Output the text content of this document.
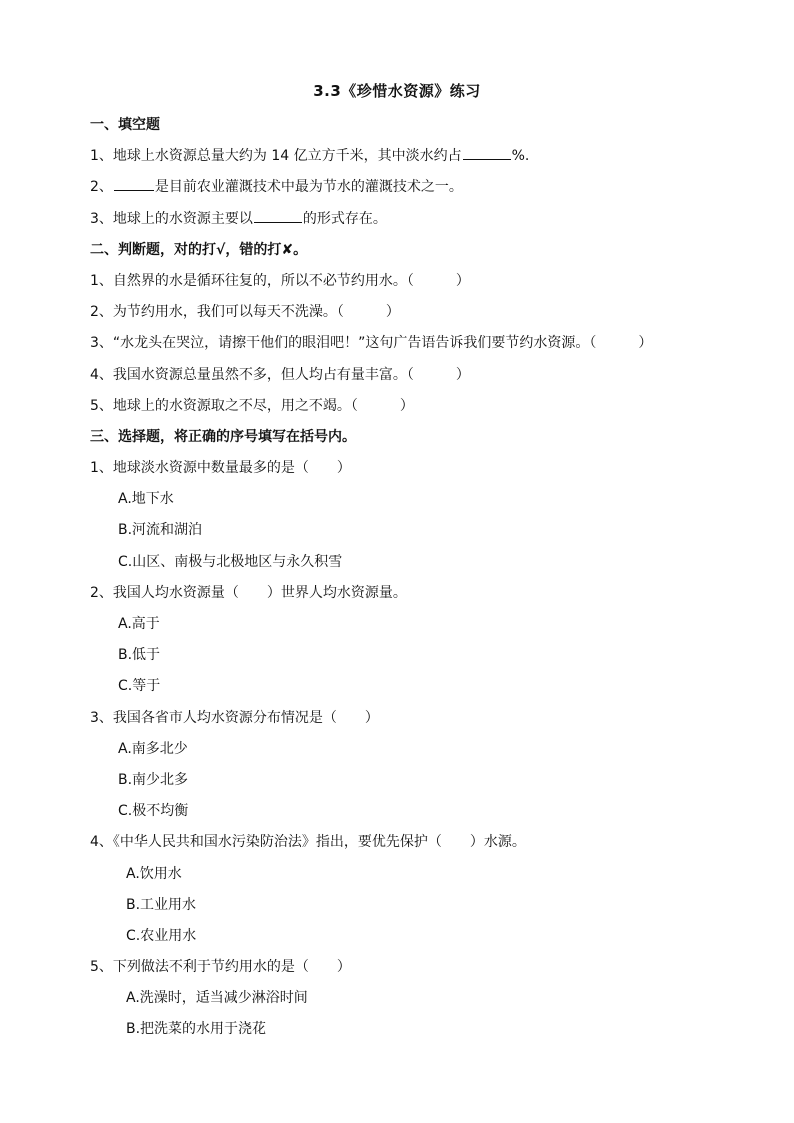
3.3《珍惜水资源》练习
一、填空题
1、地球上水资源总量大约为 14 亿立方千米，其中淡水约占	%.
2、	是目前农业灌溉技术中最为节水的灌溉技术之一。
3、地球上的水资源主要以	的形式存在。
二、判断题，对的打√，错的打✘。
1、自然界的水是循环往复的，所以不必节约用水。（　　　）
2、为节约用水，我们可以每天不洗澡。（　　　）
3、“水龙头在哭泣，请擦干他们的眼泪吧！”这句广告语告诉我们要节约水资源。（　　　）
4、我国水资源总量虽然不多，但人均占有量丰富。（　　　）
5、地球上的水资源取之不尽，用之不竭。（　　　）
三、选择题，将正确的序号填写在括号内。
1、地球淡水资源中数量最多的是（　　）
A.地下水
B.河流和湖泊
C.山区、南极与北极地区与永久积雪
2、我国人均水资源量（　　）世界人均水资源量。
A.高于
B.低于
C.等于
3、我国各省市人均水资源分布情况是（　　）
A.南多北少
B.南少北多
C.极不均衡
4、《中华人民共和国水污染防治法》指出，要优先保护（　　）水源。
A.饮用水
B.工业用水
C.农业用水
5、下列做法不利于节约用水的是（　　）
A.洗澡时，适当减少淋浴时间
B.把洗菜的水用于浇花
